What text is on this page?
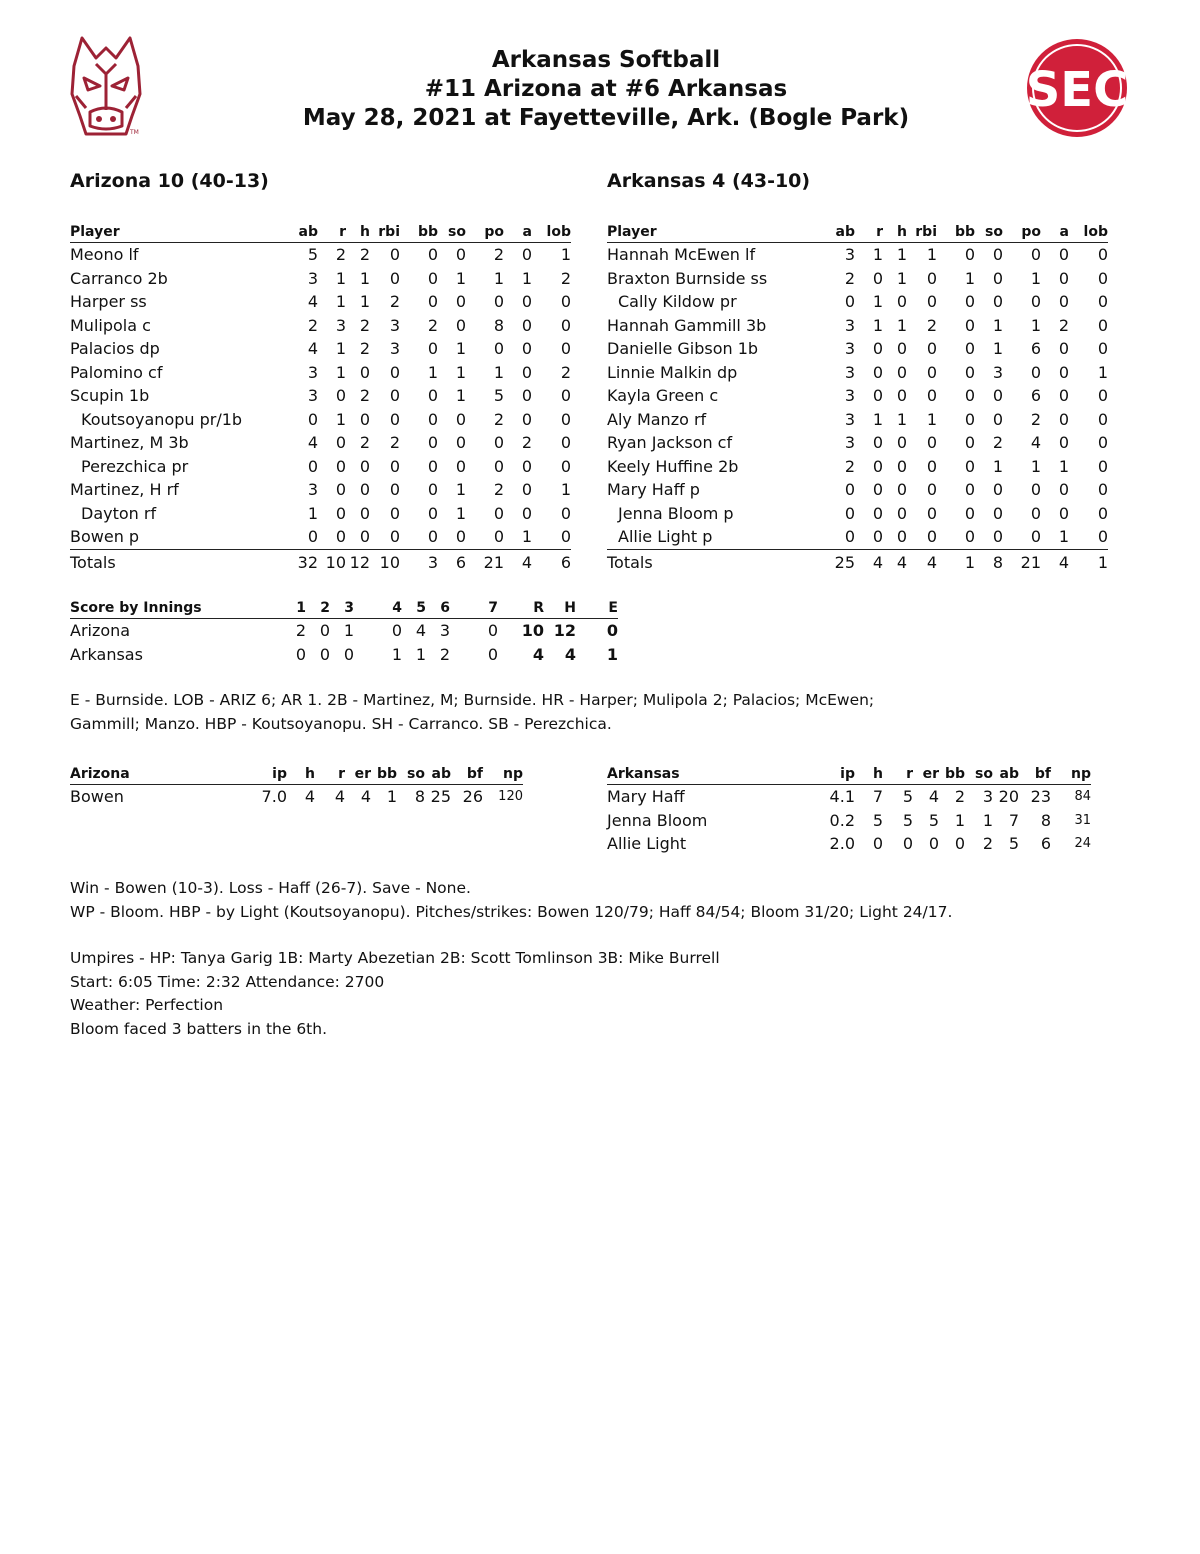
TM
Arkansas Softball
#11 Arizona at #6 Arkansas
May 28, 2021 at Fayetteville, Ark. (Bogle Park)	SEC
Arizona 10 (40-13)	Arkansas 4 (43-10)
Player	ab	r	h	rbi	bb	so	po	a	lob
Meono lf	5	2	2	0	0	0	2	0	1
Carranco 2b	3	1	1	0	0	1	1	1	2
Harper ss	4	1	1	2	0	0	0	0	0
Mulipola c	2	3	2	3	2	0	8	0	0
Palacios dp	4	1	2	3	0	1	0	0	0
Palomino cf	3	1	0	0	1	1	1	0	2
Scupin 1b	3	0	2	0	0	1	5	0	0
Koutsoyanopu pr/1b	0	1	0	0	0	0	2	0	0
Martinez, M 3b	4	0	2	2	0	0	0	2	0
Perezchica pr	0	0	0	0	0	0	0	0	0
Martinez, H rf	3	0	0	0	0	1	2	0	1
Dayton rf	1	0	0	0	0	1	0	0	0
Bowen p	0	0	0	0	0	0	0	1	0
Totals	32	10	12	10	3	6	21	4	6
Player	ab	r	h	rbi	bb	so	po	a	lob
Hannah McEwen lf	3	1	1	1	0	0	0	0	0
Braxton Burnside ss	2	0	1	0	1	0	1	0	0
Cally Kildow pr	0	1	0	0	0	0	0	0	0
Hannah Gammill 3b	3	1	1	2	0	1	1	2	0
Danielle Gibson 1b	3	0	0	0	0	1	6	0	0
Linnie Malkin dp	3	0	0	0	0	3	0	0	1
Kayla Green c	3	0	0	0	0	0	6	0	0
Aly Manzo rf	3	1	1	1	0	0	2	0	0
Ryan Jackson cf	3	0	0	0	0	2	4	0	0
Keely Huffine 2b	2	0	0	0	0	1	1	1	0
Mary Haff p	0	0	0	0	0	0	0	0	0
Jenna Bloom p	0	0	0	0	0	0	0	0	0
Allie Light p	0	0	0	0	0	0	0	1	0
Totals	25	4	4	4	1	8	21	4	1
Score by Innings	1	2	3	4	5	6	7	R	H	E
Arizona	2	0	1	0	4	3	0	10	12	0
Arkansas	0	0	0	1	1	2	0	4	4	1
E - Burnside. LOB - ARIZ 6; AR 1. 2B - Martinez, M; Burnside. HR - Harper; Mulipola 2; Palacios; McEwen;
Gammill; Manzo. HBP - Koutsoyanopu. SH - Carranco. SB - Perezchica.
Arizona	ip	h	r	er	bb	so	ab	bf	np
Bowen	7.0	4	4	4	1	8	25	26	120
Arkansas	ip	h	r	er	bb	so	ab	bf	np
Mary Haff	4.1	7	5	4	2	3	20	23	84
Jenna Bloom	0.2	5	5	5	1	1	7	8	31
Allie Light	2.0	0	0	0	0	2	5	6	24
Win - Bowen (10-3). Loss - Haff (26-7). Save - None.
WP - Bloom. HBP - by Light (Koutsoyanopu). Pitches/strikes: Bowen 120/79; Haff 84/54; Bloom 31/20; Light 24/17.
Umpires - HP: Tanya Garig 1B: Marty Abezetian 2B: Scott Tomlinson 3B: Mike Burrell
Start: 6:05 Time: 2:32 Attendance: 2700
Weather: Perfection
Bloom faced 3 batters in the 6th.
